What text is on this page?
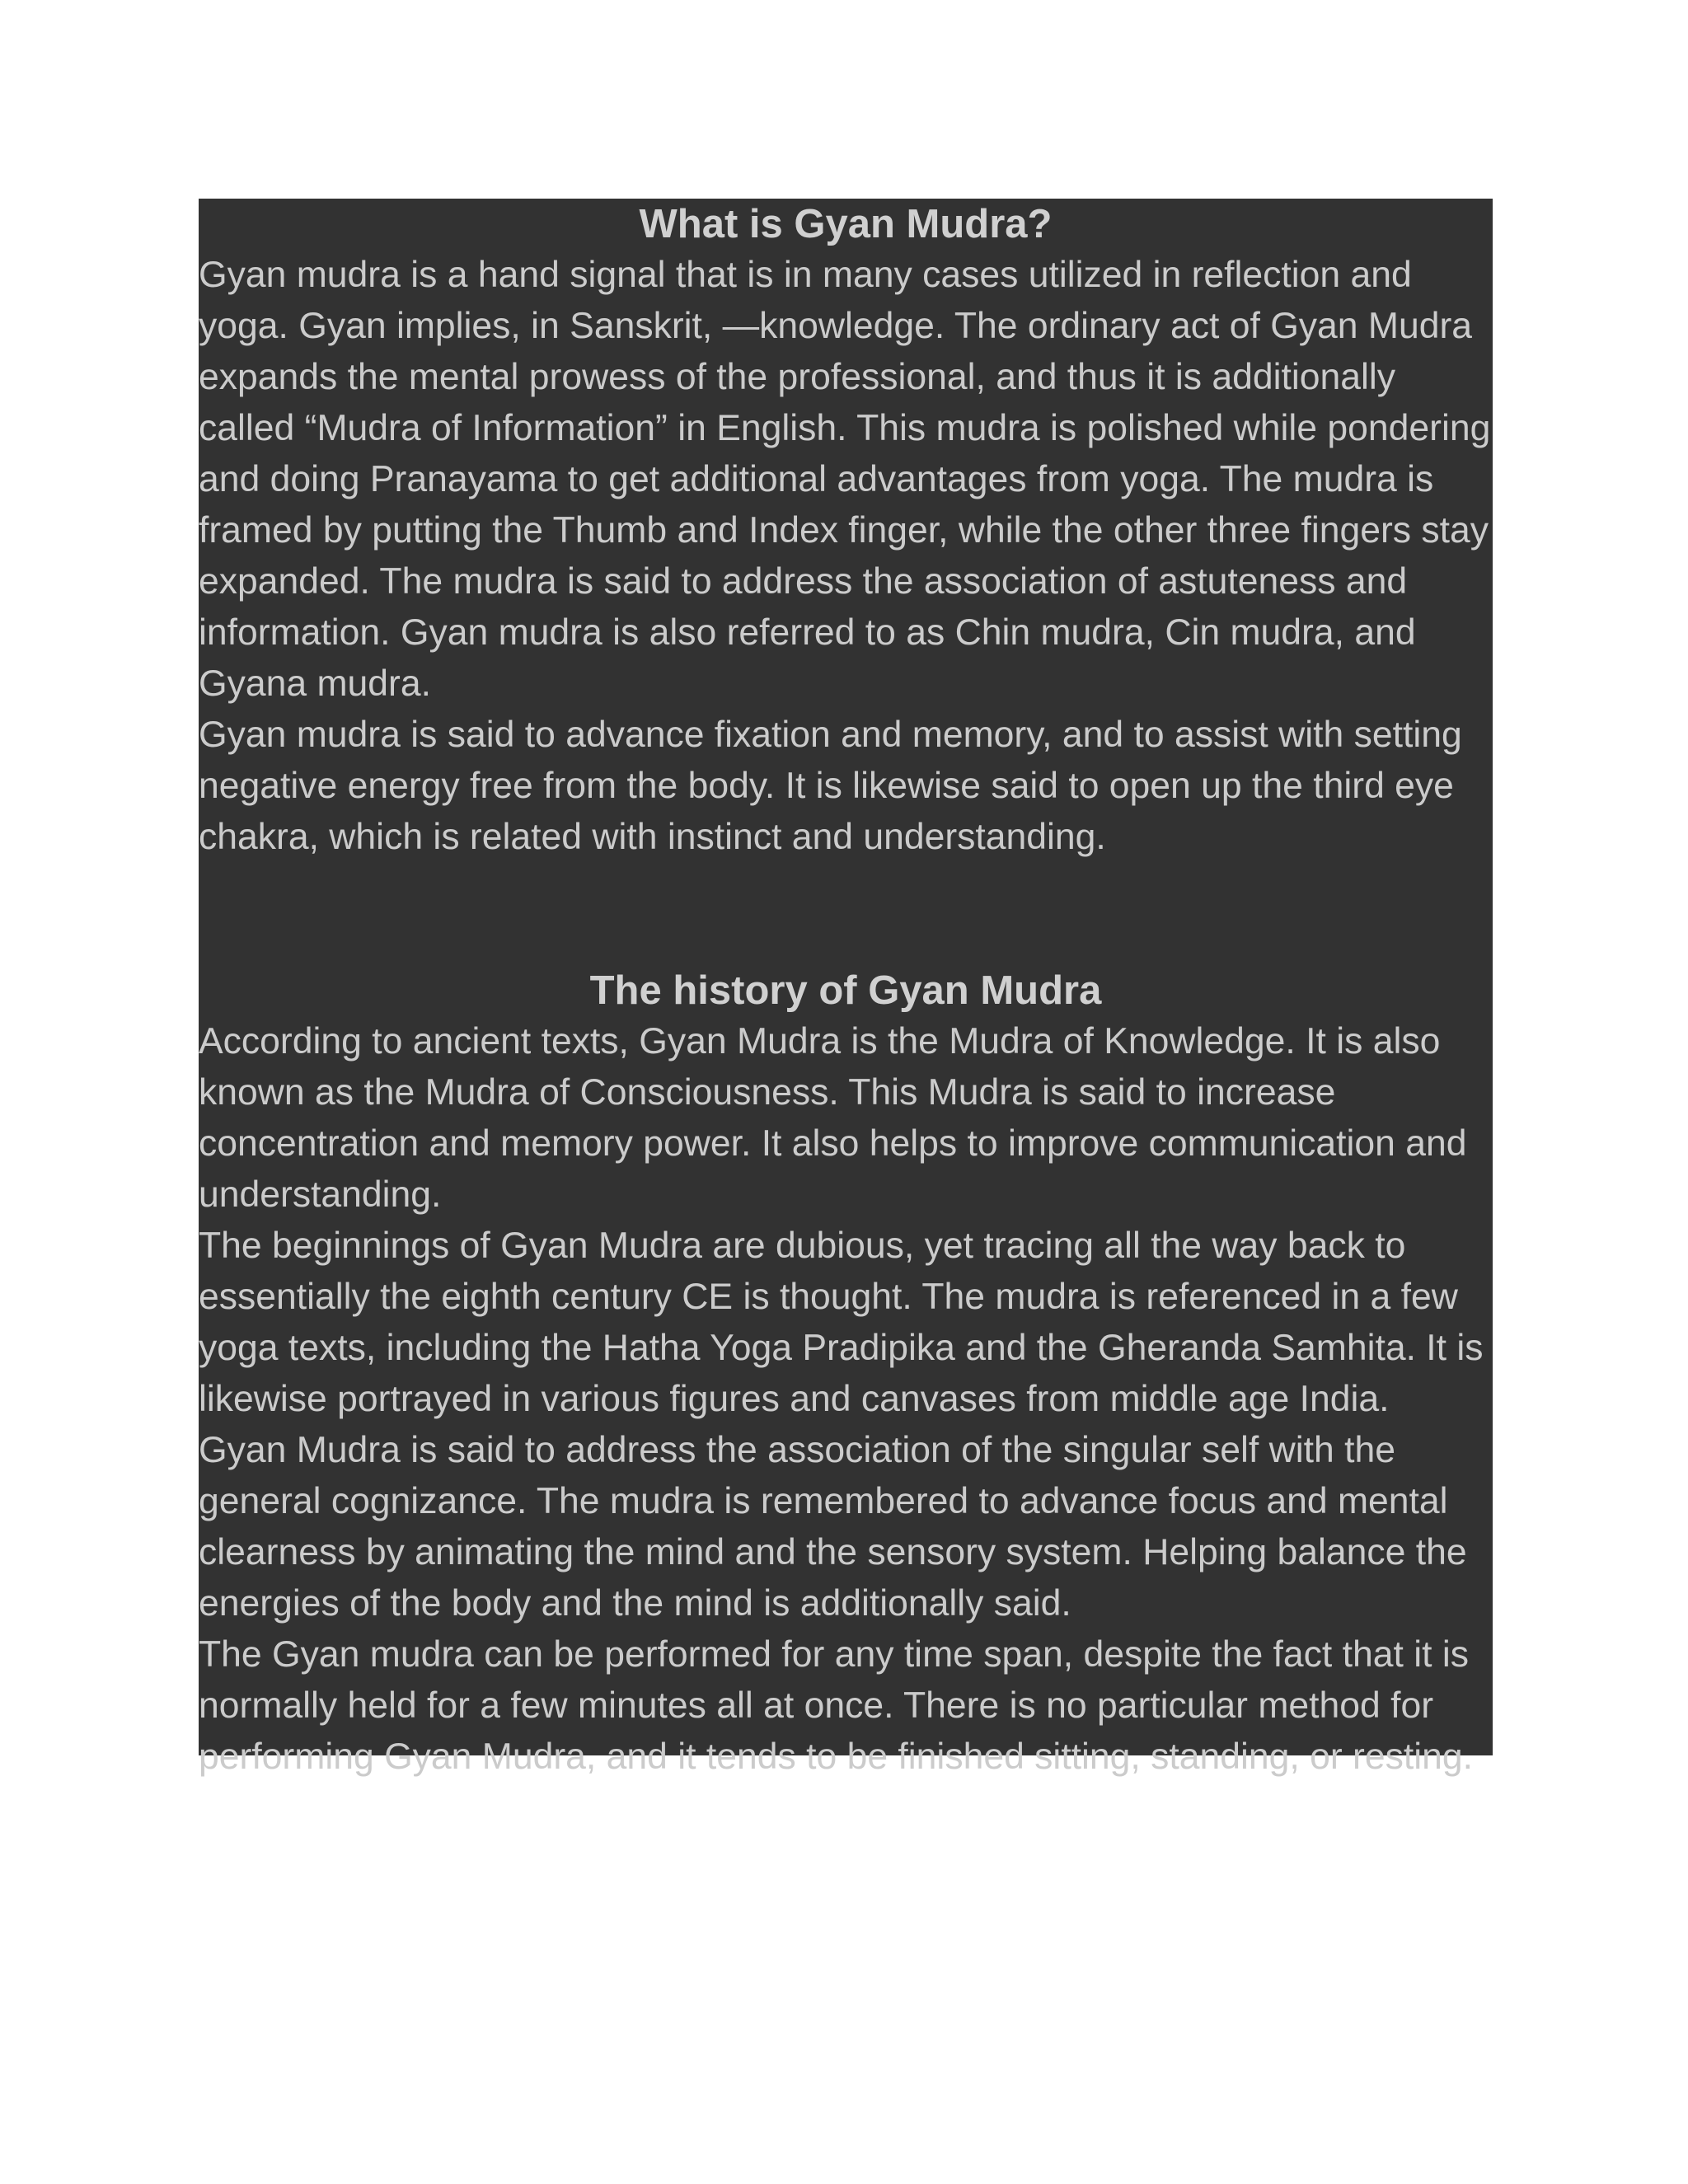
What is Gyan Mudra?

Gyan mudra is a hand signal that is in many cases utilized in reflection and yoga. Gyan implies, in Sanskrit, —knowledge. The ordinary act of Gyan Mudra expands the mental prowess of the professional, and thus it is additionally called “Mudra of Information” in English. This mudra is polished while pondering and doing Pranayama to get additional advantages from yoga. The mudra is framed by putting the Thumb and Index finger, while the other three fingers stay expanded. The mudra is said to address the association of astuteness and information. Gyan mudra is also referred to as Chin mudra, Cin mudra, and Gyana mudra.

Gyan mudra is said to advance fixation and memory, and to assist with setting negative energy free from the body. It is likewise said to open up the third eye chakra, which is related with instinct and understanding.

The history of Gyan Mudra

According to ancient texts, Gyan Mudra is the Mudra of Knowledge. It is also known as the Mudra of Consciousness. This Mudra is said to increase concentration and memory power. It also helps to improve communication and understanding.

The beginnings of Gyan Mudra are dubious, yet tracing all the way back to essentially the eighth century CE is thought. The mudra is referenced in a few yoga texts, including the Hatha Yoga Pradipika and the Gheranda Samhita. It is likewise portrayed in various figures and canvases from middle age India.

Gyan Mudra is said to address the association of the singular self with the general cognizance. The mudra is remembered to advance focus and mental clearness by animating the mind and the sensory system. Helping balance the energies of the body and the mind is additionally said.

The Gyan mudra can be performed for any time span, despite the fact that it is normally held for a few minutes all at once. There is no particular method for performing Gyan Mudra, and it tends to be finished sitting, standing, or resting.
